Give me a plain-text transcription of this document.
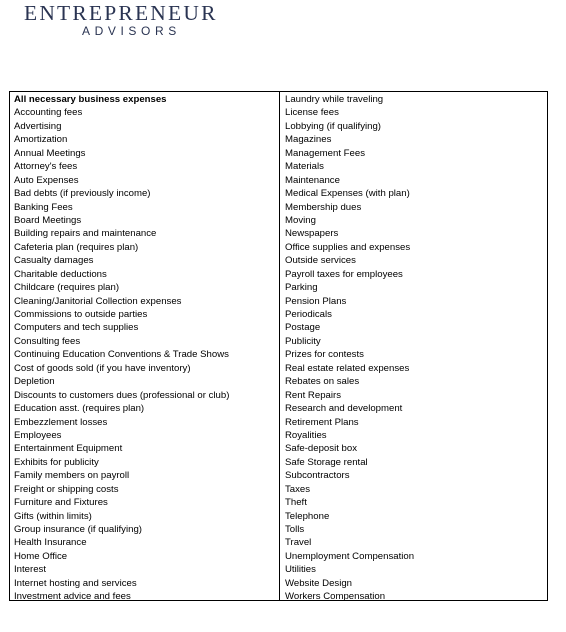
ENTREPRENEUR
ADVISORS
All necessary business expenses
Accounting fees
Advertising
Amortization
Annual Meetings
Attorney's fees
Auto Expenses
Bad debts (if previously income)
Banking Fees
Board Meetings
Building repairs and maintenance
Cafeteria plan (requires plan)
Casualty damages
Charitable deductions
Childcare (requires plan)
Cleaning/Janitorial Collection expenses
Commissions to outside parties
Computers and tech supplies
Consulting fees
Continuing Education Conventions & Trade Shows
Cost of goods sold (if you have inventory)
Depletion
Discounts to customers dues (professional or club)
Education asst. (requires plan)
Embezzlement losses
Employees
Entertainment Equipment
Exhibits for publicity
Family members on payroll
Freight or shipping costs
Furniture and Fixtures
Gifts (within limits)
Group insurance (if qualifying)
Health Insurance
Home Office
Interest
Internet hosting and services
Investment advice and fees
Laundry while traveling
License fees
Lobbying (if qualifying)
Magazines
Management Fees
Materials
Maintenance
Medical Expenses (with plan)
Membership dues
Moving
Newspapers
Office supplies and expenses
Outside services
Payroll taxes for employees
Parking
Pension Plans
Periodicals
Postage
Publicity
Prizes for contests
Real estate related expenses
Rebates on sales
Rent Repairs
Research and development
Retirement Plans
Royalities
Safe-deposit box
Safe Storage rental
Subcontractors
Taxes
Theft
Telephone
Tolls
Travel
Unemployment Compensation
Utilities
Website Design
Workers Compensation
